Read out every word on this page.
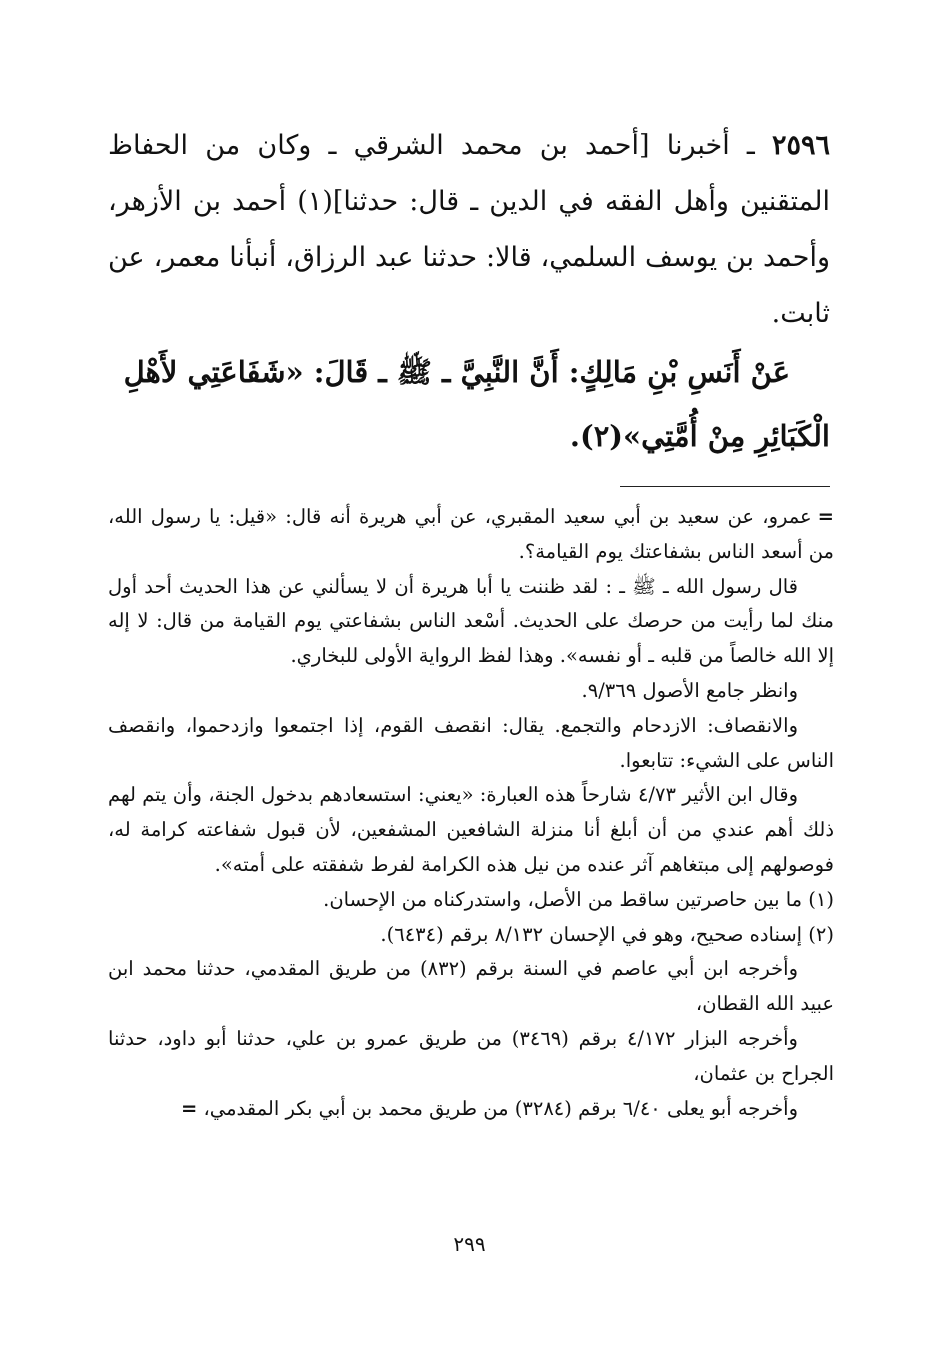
٢٥٩٦ ـ أخبرنا [أحمد بن محمد الشرقي ـ وكان من الحفاظ المتقنين وأهل الفقه في الدين ـ قال: حدثنا](١) أحمد بن الأزهر، وأحمد بن يوسف السلمي، قالا: حدثنا عبد الرزاق، أنبأنا معمر، عن ثابت.

عَنْ أَنَسِ بْنِ مَالِكٍ: أَنَّ النَّبِيَّ ـ ﷺ ـ قَالَ: «شَفَاعَتِي لأَهْلِ الْكَبَائِرِ مِنْ أُمَّتِي»(٢).

=عمرو، عن سعيد بن أبي سعيد المقبري، عن أبي هريرة أنه قال: «قيل: يا رسول الله، من أسعد الناس بشفاعتك يوم القيامة؟.

قال رسول الله ـ ﷺ ـ : لقد ظننت يا أبا هريرة أن لا يسألني عن هذا الحديث أحد أول منك لما رأيت من حرصك على الحديث. أسْعد الناس بشفاعتي يوم القيامة من قال: لا إله إلا الله خالصاً من قلبه ـ أو نفسه». وهذا لفظ الرواية الأولى للبخاري.

وانظر جامع الأصول ٩/٣٦٩.

والانقصاف: الازدحام والتجمع. يقال: انقصف القوم، إذا اجتمعوا وازدحموا، وانقصف الناس على الشيء: تتابعوا.

وقال ابن الأثير ٤/٧٣ شارحاً هذه العبارة: «يعني: استسعادهم بدخول الجنة، وأن يتم لهم ذلك أهم عندي من أن أبلغ أنا منزلة الشافعين المشفعين، لأن قبول شفاعته كرامة له، فوصولهم إلى مبتغاهم آثر عنده من نيل هذه الكرامة لفرط شفقته على أمته».

(١) ما بين حاصرتين ساقط من الأصل، واستدركناه من الإحسان.

(٢) إسناده صحيح، وهو في الإحسان ٨/١٣٢ برقم (٦٤٣٤).

وأخرجه ابن أبي عاصم في السنة برقم (٨٣٢) من طريق المقدمي، حدثنا محمد ابن عبيد الله القطان،

وأخرجه البزار ٤/١٧٢ برقم (٣٤٦٩) من طريق عمرو بن علي، حدثنا أبو داود، حدثنا الجراح بن عثمان،

وأخرجه أبو يعلى ٦/٤٠ برقم (٣٢٨٤) من طريق محمد بن أبي بكر المقدمي، =

٢٩٩
